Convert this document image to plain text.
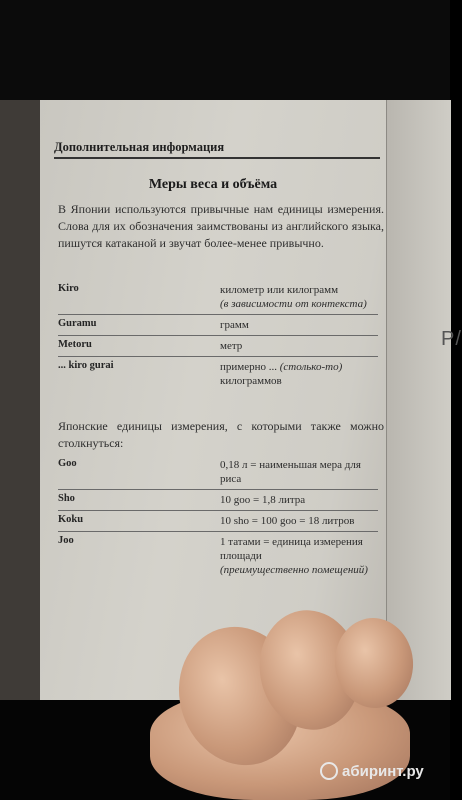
Р/
Дополнительная информация
Меры веса и объёма
В Японии используются привычные нам единицы измерения. Слова для их обозначения заимствованы из английского языка, пишутся катаканой и звучат более-менее привычно.
Kiro	километр или килограмм
(в зависимости от контекста)
Guramu	грамм
Metoru	метр
... kiro gurai	примерно ... (столько-то)
килограммов
Японские единицы измерения, с которыми также можно столкнуться:
Goo	0,18 л = наименьшая мера для риса
Sho	10 goo = 1,8 литра
Koku	10 sho = 100 goo = 18 литров
Joo	1 татами = единица измерения площади
(преимущественно помещений)
абиринт.ру
